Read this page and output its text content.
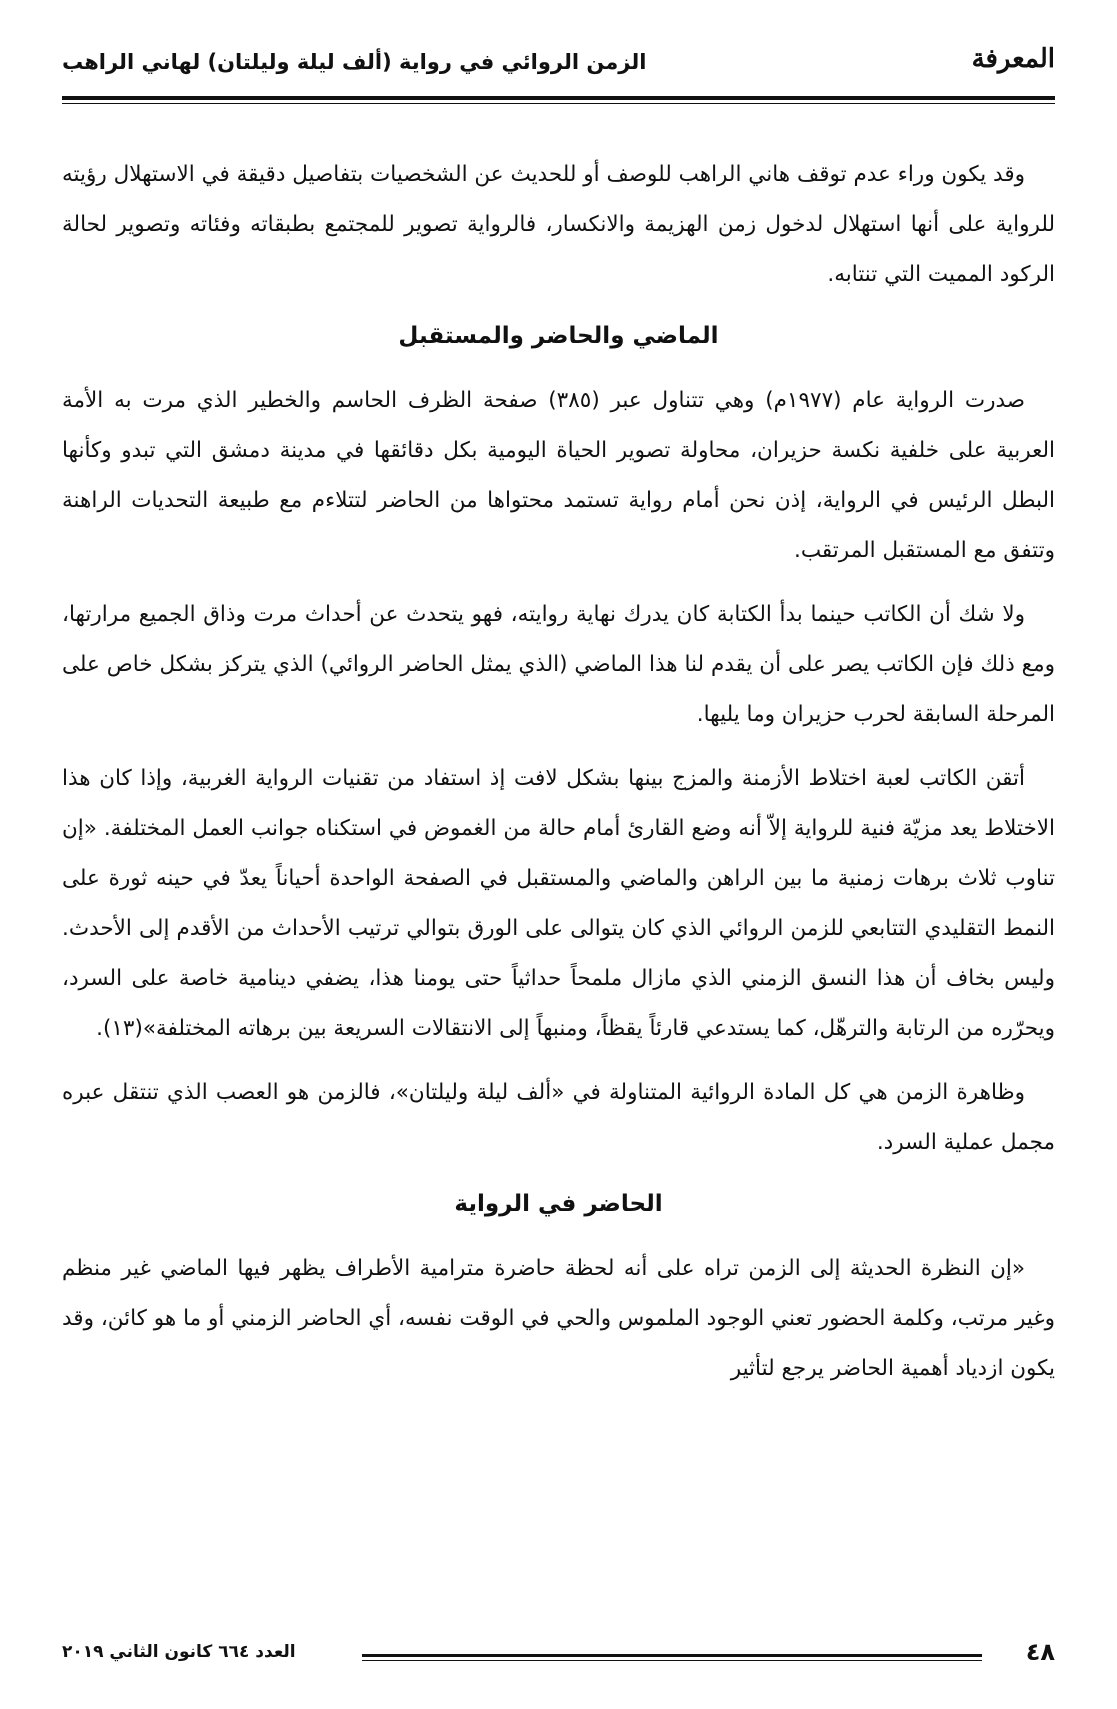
الزمن الروائي في رواية (ألف ليلة وليلتان) لهاني الراهب	المعرفة

وقد يكون وراء عدم توقف هاني الراهب للوصف أو للحديث عن الشخصيات بتفاصيل دقيقة في الاستهلال رؤيته للرواية على أنها استهلال لدخول زمن الهزيمة والانكسار، فالرواية تصوير للمجتمع بطبقاته وفئاته وتصوير لحالة الركود المميت التي تنتابه.

الماضي والحاضر والمستقبل

صدرت الرواية عام (١٩٧٧م) وهي تتناول عبر (٣٨٥) صفحة الظرف الحاسم والخطير الذي مرت به الأمة العربية على خلفية نكسة حزيران، محاولة تصوير الحياة اليومية بكل دقائقها في مدينة دمشق التي تبدو وكأنها البطل الرئيس في الرواية، إذن نحن أمام رواية تستمد محتواها من الحاضر لتتلاءم مع طبيعة التحديات الراهنة وتتفق مع المستقبل المرتقب.

ولا شك أن الكاتب حينما بدأ الكتابة كان يدرك نهاية روايته، فهو يتحدث عن أحداث مرت وذاق الجميع مرارتها، ومع ذلك فإن الكاتب يصر على أن يقدم لنا هذا الماضي (الذي يمثل الحاضر الروائي) الذي يتركز بشكل خاص على المرحلة السابقة لحرب حزيران وما يليها.

أتقن الكاتب لعبة اختلاط الأزمنة والمزج بينها بشكل لافت إذ استفاد من تقنيات الرواية الغربية، وإذا كان هذا الاختلاط يعد مزيّة فنية للرواية إلاّ أنه وضع القارئ أمام حالة من الغموض في استكناه جوانب العمل المختلفة. «إن تناوب ثلاث برهات زمنية ما بين الراهن والماضي والمستقبل في الصفحة الواحدة أحياناً يعدّ في حينه ثورة على النمط التقليدي التتابعي للزمن الروائي الذي كان يتوالى على الورق بتوالي ترتيب الأحداث من الأقدم إلى الأحدث. وليس بخاف أن هذا النسق الزمني الذي مازال ملمحاً حداثياً حتى يومنا هذا، يضفي دينامية خاصة على السرد، ويحرّره من الرتابة والترهّل، كما يستدعي قارئاً يقظاً، ومنبهاً إلى الانتقالات السريعة بين برهاته المختلفة»(١٣).

وظاهرة الزمن هي كل المادة الروائية المتناولة في «ألف ليلة وليلتان»، فالزمن هو العصب الذي تنتقل عبره مجمل عملية السرد.

الحاضر في الرواية

«إن النظرة الحديثة إلى الزمن تراه على أنه لحظة حاضرة مترامية الأطراف يظهر فيها الماضي غير منظم وغير مرتب، وكلمة الحضور تعني الوجود الملموس والحي في الوقت نفسه، أي الحاضر الزمني أو ما هو كائن، وقد يكون ازدياد أهمية الحاضر يرجع لتأثير

٤٨
العدد ٦٦٤ كانون الثاني ٢٠١٩
